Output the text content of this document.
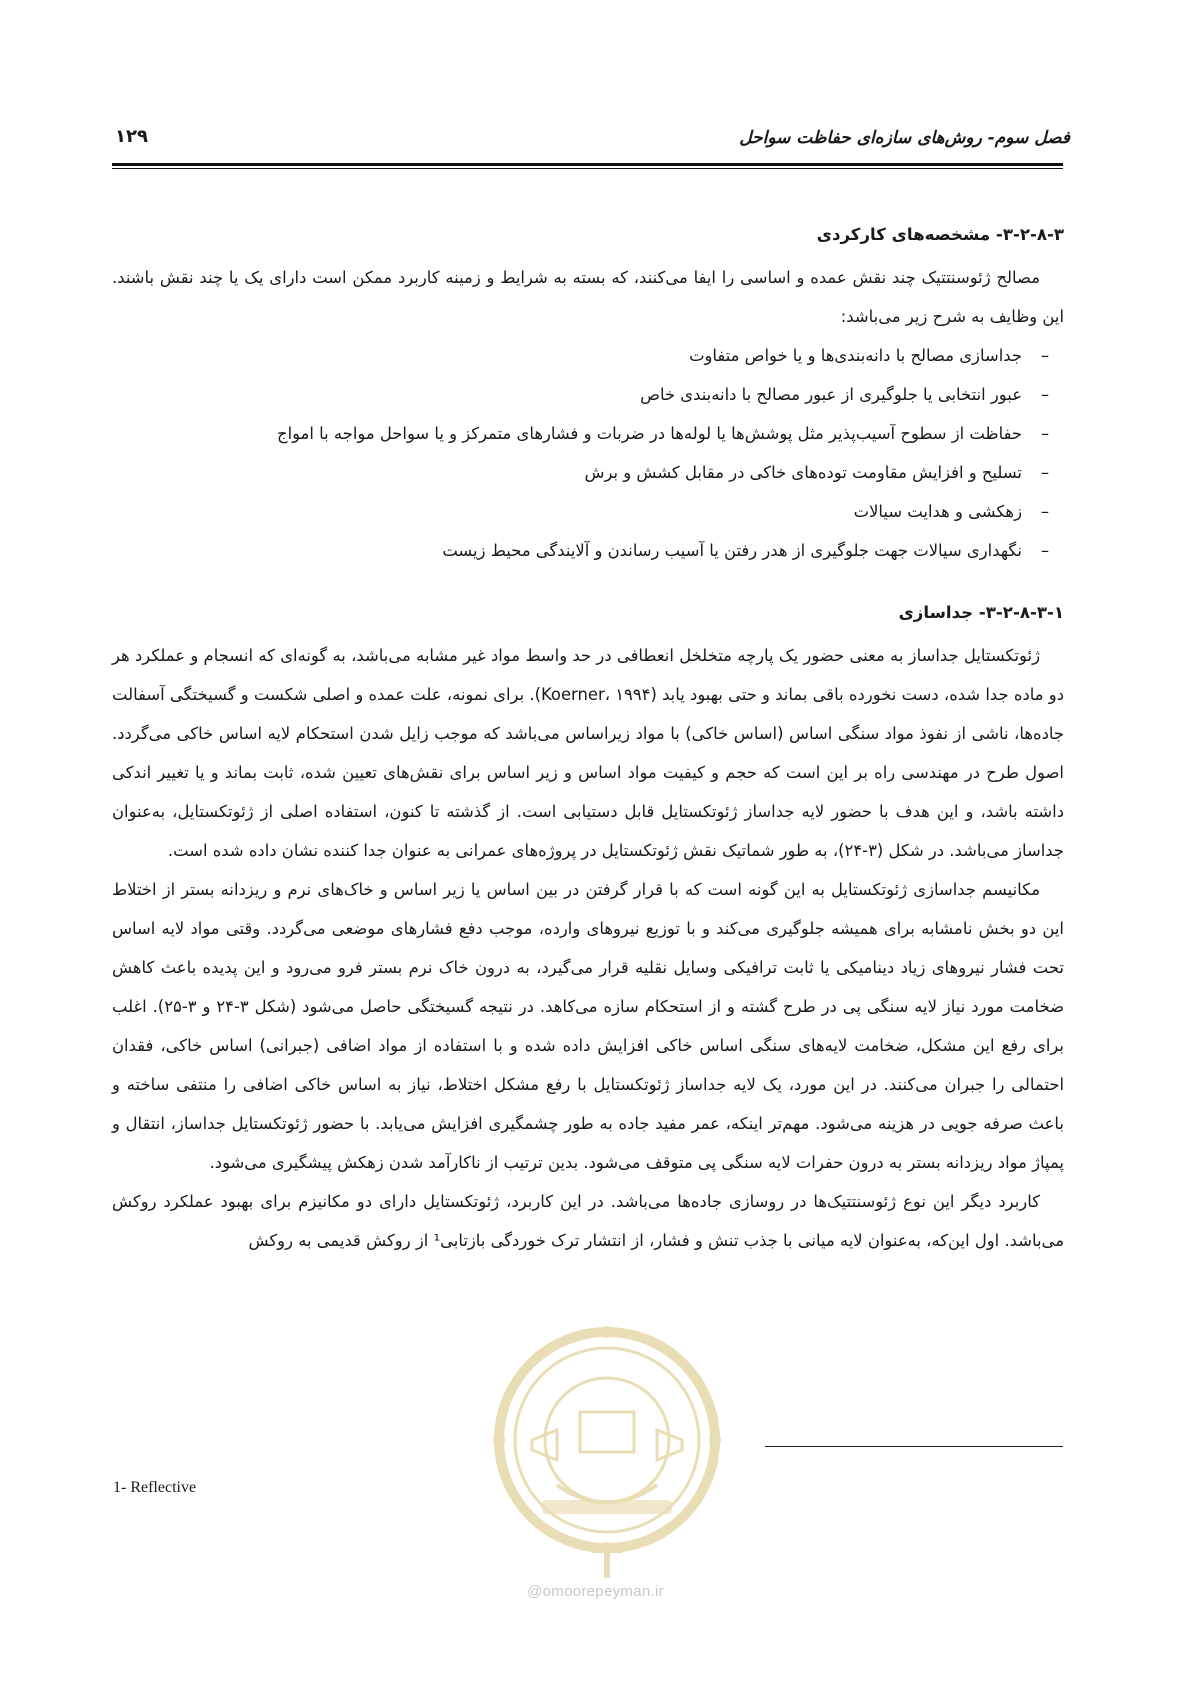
فصل سوم- روش‌های سازه‌ای حفاظت سواحل
۱۲۹
۳-۲-۸-۳- مشخصه‌های کارکردی

مصالح ژئوسنتتیک چند نقش عمده و اساسی را ایفا می‌کنند، که بسته به شرایط و زمینه کاربرد ممکن است دارای یک یا چند نقش باشند. این وظایف به شرح زیر می‌باشد:

–
جداسازی مصالح با دانه‌بندی‌ها و یا خواص متفاوت
–
عبور انتخابی یا جلوگیری از عبور مصالح با دانه‌بندی خاص
–
حفاظت از سطوح آسیب‌پذیر مثل پوشش‌ها یا لوله‌ها در ضربات و فشارهای متمرکز و یا سواحل مواجه با امواج
–
تسلیح و افزایش مقاومت توده‌های خاکی در مقابل کشش و برش
–
زهکشی و هدایت سیالات
–
نگهداری سیالات جهت جلوگیری از هدر رفتن یا آسیب رساندن و آلایندگی محیط زیست
۳-۲-۸-۳-۱- جداسازی

ژئوتکستایل جداساز به معنی حضور یک پارچه متخلخل انعطافی در حد واسط مواد غیر مشابه می‌باشد، به گونه‌ای که انسجام و عملکرد هر دو ماده جدا شده، دست نخورده باقی بماند و حتی بهبود یابد (Koerner، ۱۹۹۴). برای نمونه، علت عمده و اصلی شکست و گسیختگی آسفالت جاده‌ها، ناشی از نفوذ مواد سنگی اساس (اساس خاکی) با مواد زیراساس می‌باشد که موجب زایل شدن استحکام لایه اساس خاکی می‌گردد. اصول طرح در مهندسی راه بر این است که حجم و کیفیت مواد اساس و زیر اساس برای نقش‌های تعیین شده، ثابت بماند و یا تغییر اندکی داشته باشد، و این هدف با حضور لایه جداساز ژئوتکستایل قابل دستیابی است. از گذشته تا کنون، استفاده اصلی از ژئوتکستایل، به‌عنوان جداساز می‌باشد. در شکل (۳-۲۴)، به طور شماتیک نقش ژئوتکستایل در پروژه‌های عمرانی به عنوان جدا کننده نشان داده شده است.

مکانیسم جداسازی ژئوتکستایل به این گونه است که با قرار گرفتن در بین اساس یا زیر اساس و خاک‌های نرم و ریزدانه بستر از اختلاط این دو بخش نامشابه برای همیشه جلوگیری می‌کند و با توزیع نیروهای وارده، موجب دفع فشارهای موضعی می‌گردد. وقتی مواد لایه اساس تحت فشار نیروهای زیاد دینامیکی یا ثابت ترافیکی وسایل نقلیه قرار می‌گیرد، به درون خاک نرم بستر فرو می‌رود و این پدیده باعث کاهش ضخامت مورد نیاز لایه سنگی پی در طرح گشته و از استحکام سازه می‌کاهد. در نتیجه گسیختگی حاصل می‌شود (شکل ۳-۲۴ و ۳-۲۵). اغلب برای رفع این مشکل، ضخامت لایه‌های سنگی اساس خاکی افزایش داده شده و با استفاده از مواد اضافی (جبرانی) اساس خاکی، فقدان احتمالی را جبران می‌کنند. در این مورد، یک لایه جداساز ژئوتکستایل با رفع مشکل اختلاط، نیاز به اساس خاکی اضافی را منتفی ساخته و باعث صرفه جویی در هزینه می‌شود. مهم‌تر اینکه، عمر مفید جاده به طور چشمگیری افزایش می‌یابد. با حضور ژئوتکستایل جداساز، انتقال و پمپاژ مواد ریزدانه بستر به درون حفرات لایه سنگی پی متوقف می‌شود. بدین ترتیب از ناکارآمد شدن زهکش پیشگیری می‌شود.

کاربرد دیگر این نوع ژئوسنتتیک‌ها در روسازی جاده‌ها می‌باشد. در این کاربرد، ژئوتکستایل دارای دو مکانیزم برای بهبود عملکرد روکش می‌باشد. اول این‌که، به‌عنوان لایه میانی با جذب تنش و فشار، از انتشار ترک خوردگی بازتابی¹ از روکش قدیمی به روکش

1- Reflective
@omoorepeyman.ir
